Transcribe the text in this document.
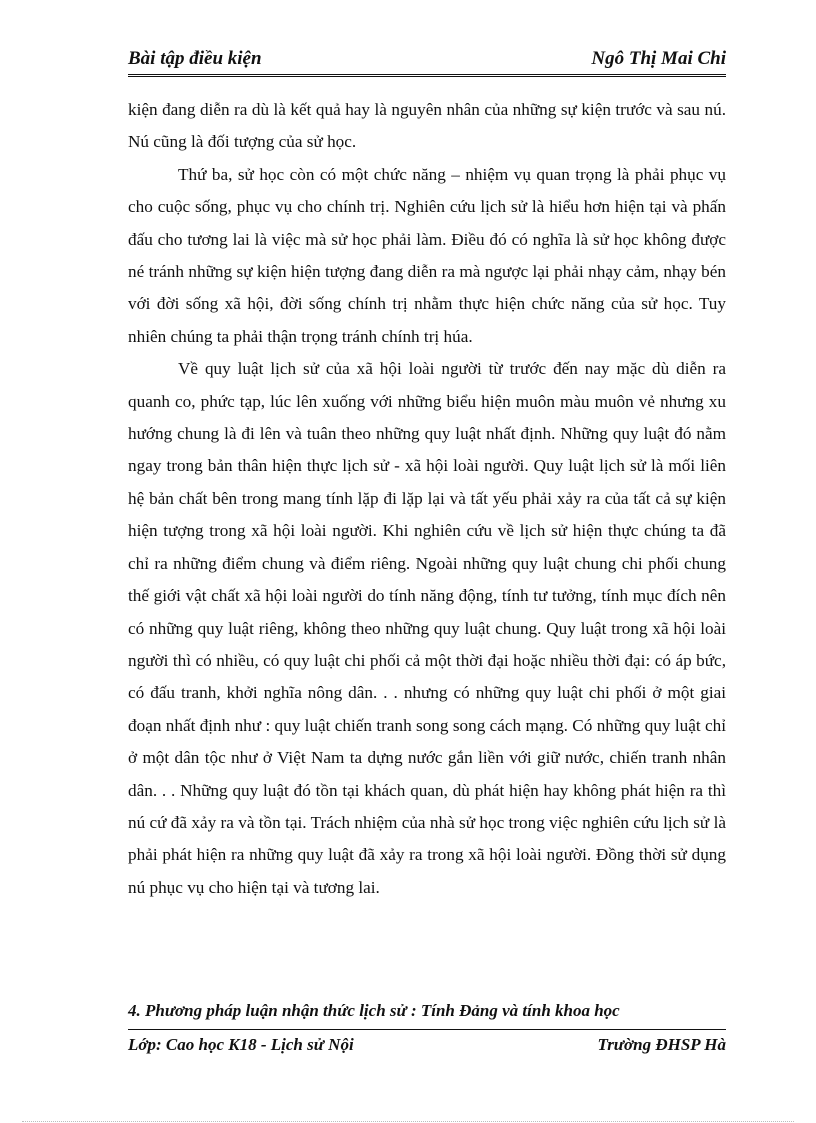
Bài tập điều kiện	Ngô Thị Mai Chi

kiện đang diễn ra dù là kết quả hay là nguyên nhân của những sự kiện trước và sau nú. Nú cũng là đối tượng của sử học.

Thứ ba, sử học còn có một chức năng – nhiệm vụ quan trọng là phải phục vụ cho cuộc sống, phục vụ cho chính trị. Nghiên cứu lịch sử là hiểu hơn hiện tại và phấn đấu cho tương lai là việc mà sử học phải làm. Điều đó có nghĩa là sử học không được né tránh những sự kiện hiện tượng đang diễn ra mà ngược lại phải nhạy cảm, nhạy bén với đời sống xã hội, đời sống chính trị nhằm thực hiện chức năng của sử học. Tuy nhiên chúng ta phải thận trọng tránh chính trị húa.

Về quy luật lịch sử của xã hội loài người từ trước đến nay mặc dù diễn ra quanh co, phức tạp, lúc lên xuống với những biểu hiện muôn màu muôn vẻ nhưng xu hướng chung là đi lên và tuân theo những quy luật nhất định. Những quy luật đó nằm ngay trong bản thân hiện thực lịch sử - xã hội loài người. Quy luật lịch sử là mối liên hệ bản chất bên trong mang tính lặp đi lặp lại và tất yếu phải xảy ra của tất cả sự kiện hiện tượng trong xã hội loài người. Khi nghiên cứu về lịch sử hiện thực chúng ta đã chỉ ra những điểm chung và điểm riêng. Ngoài những quy luật chung chi phối chung thế giới vật chất xã hội loài người do tính năng động, tính tư tưởng, tính mục đích nên có những quy luật riêng, không theo những quy luật chung. Quy luật trong xã hội loài người thì có nhiều, có quy luật chi phối cả một thời đại hoặc nhiều thời đại: có áp bức, có đấu tranh, khởi nghĩa nông dân. . . nhưng có những quy luật chi phối ở một giai đoạn nhất định như : quy luật chiến tranh song song cách mạng. Có những quy luật chỉ ở một dân tộc như ở Việt Nam ta dựng nước gắn liền với giữ nước, chiến tranh nhân dân. . . Những quy luật đó tồn tại khách quan, dù phát hiện hay không phát hiện ra thì nú cứ đã xảy ra và tồn tại. Trách nhiệm của nhà sử học trong việc nghiên cứu lịch sử là phải phát hiện ra những quy luật đã xảy ra trong xã hội loài người. Đồng thời sử dụng nú phục vụ cho hiện tại và tương lai.

4. Phương pháp luận nhận thức lịch sử : Tính Đảng và tính khoa học
Lớp: Cao học K18 - Lịch sử Nội	Trường ĐHSP Hà
